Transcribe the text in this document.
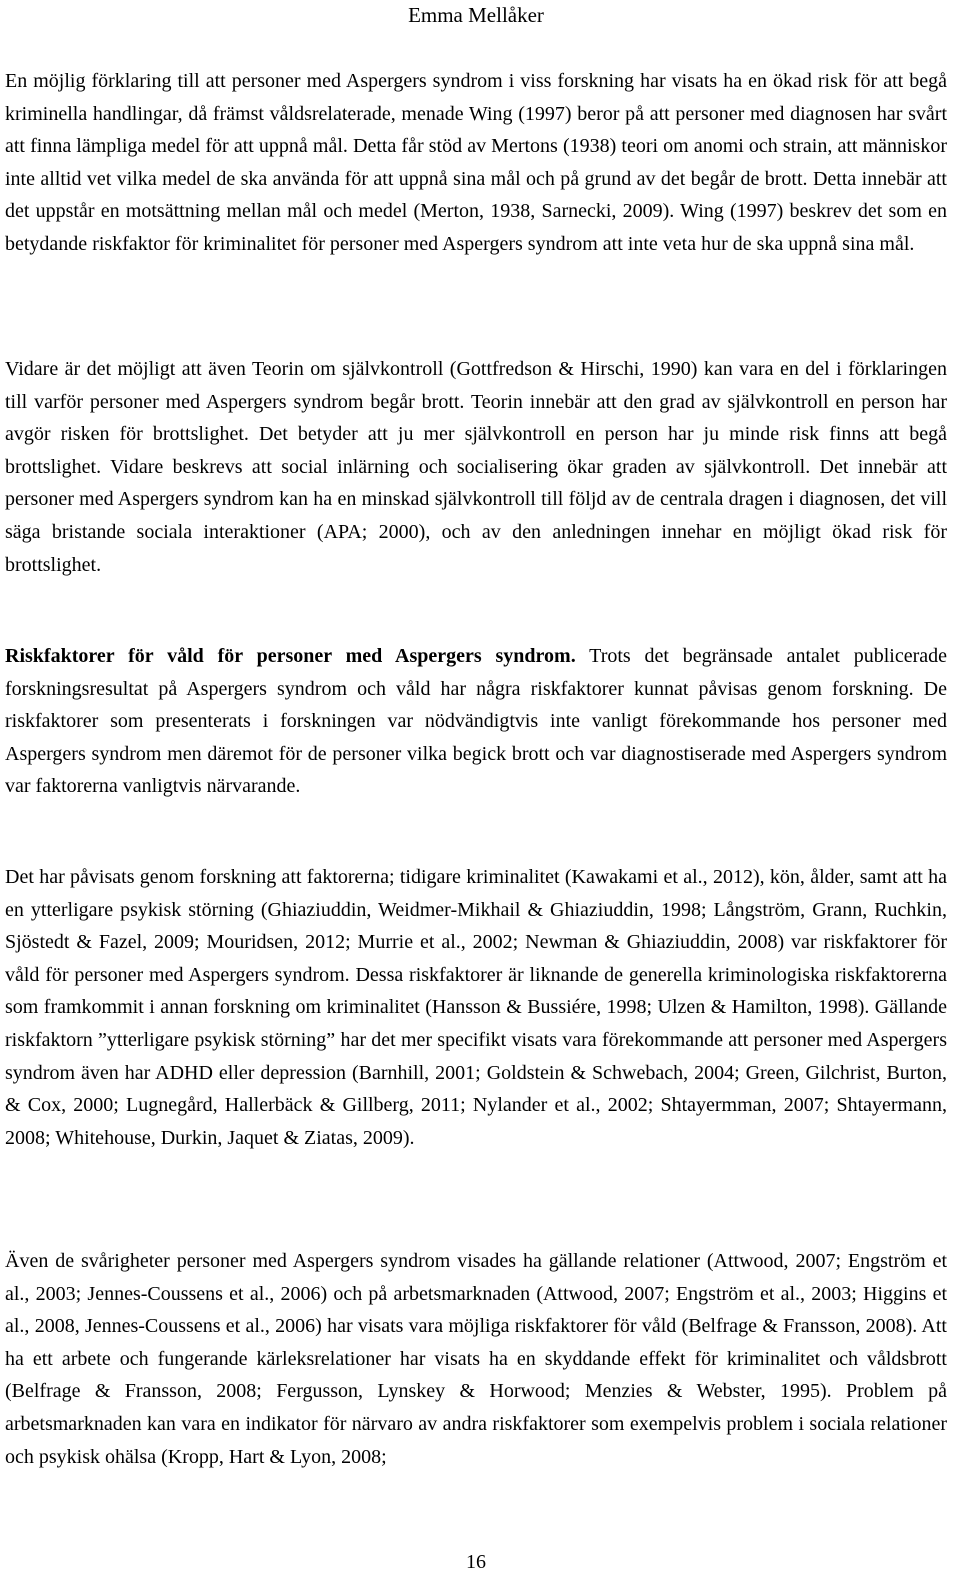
Emma Mellåker

En möjlig förklaring till att personer med Aspergers syndrom i viss forskning har visats ha en ökad risk för att begå kriminella handlingar, då främst våldsrelaterade, menade Wing (1997) beror på att personer med diagnosen har svårt att finna lämpliga medel för att uppnå mål. Detta får stöd av Mertons (1938) teori om anomi och strain, att människor inte alltid vet vilka medel de ska använda för att uppnå sina mål och på grund av det begår de brott. Detta innebär att det uppstår en motsättning mellan mål och medel (Merton, 1938, Sarnecki, 2009). Wing (1997) beskrev det som en betydande riskfaktor för kriminalitet för personer med Aspergers syndrom att inte veta hur de ska uppnå sina mål.

Vidare är det möjligt att även Teorin om självkontroll (Gottfredson & Hirschi, 1990) kan vara en del i förklaringen till varför personer med Aspergers syndrom begår brott. Teorin innebär att den grad av självkontroll en person har avgör risken för brottslighet. Det betyder att ju mer självkontroll en person har ju minde risk finns att begå brottslighet. Vidare beskrevs att social inlärning och socialisering ökar graden av självkontroll. Det innebär att personer med Aspergers syndrom kan ha en minskad självkontroll till följd av de centrala dragen i diagnosen, det vill säga bristande sociala interaktioner (APA; 2000), och av den anledningen innehar en möjligt ökad risk för brottslighet.

Riskfaktorer för våld för personer med Aspergers syndrom. Trots det begränsade antalet publicerade forskningsresultat på Aspergers syndrom och våld har några riskfaktorer kunnat påvisas genom forskning. De riskfaktorer som presenterats i forskningen var nödvändigtvis inte vanligt förekommande hos personer med Aspergers syndrom men däremot för de personer vilka begick brott och var diagnostiserade med Aspergers syndrom var faktorerna vanligtvis närvarande.

Det har påvisats genom forskning att faktorerna; tidigare kriminalitet (Kawakami et al., 2012), kön, ålder, samt att ha en ytterligare psykisk störning (Ghiaziuddin, Weidmer-Mikhail & Ghiaziuddin, 1998; Långström, Grann, Ruchkin, Sjöstedt & Fazel, 2009; Mouridsen, 2012; Murrie et al., 2002; Newman & Ghiaziuddin, 2008) var riskfaktorer för våld för personer med Aspergers syndrom. Dessa riskfaktorer är liknande de generella kriminologiska riskfaktorerna som framkommit i annan forskning om kriminalitet (Hansson & Bussiére, 1998; Ulzen & Hamilton, 1998). Gällande riskfaktorn ”ytterligare psykisk störning” har det mer specifikt visats vara förekommande att personer med Aspergers syndrom även har ADHD eller depression (Barnhill, 2001; Goldstein & Schwebach, 2004; Green, Gilchrist, Burton, & Cox, 2000; Lugnegård, Hallerbäck & Gillberg, 2011; Nylander et al., 2002; Shtayermman, 2007; Shtayermann, 2008; Whitehouse, Durkin, Jaquet & Ziatas, 2009).

Även de svårigheter personer med Aspergers syndrom visades ha gällande relationer (Attwood, 2007; Engström et al., 2003; Jennes-Coussens et al., 2006) och på arbetsmarknaden (Attwood, 2007; Engström et al., 2003; Higgins et al., 2008, Jennes-Coussens et al., 2006) har visats vara möjliga riskfaktorer för våld (Belfrage & Fransson, 2008). Att ha ett arbete och fungerande kärleksrelationer har visats ha en skyddande effekt för kriminalitet och våldsbrott (Belfrage & Fransson, 2008; Fergusson, Lynskey & Horwood; Menzies & Webster, 1995). Problem på arbetsmarknaden kan vara en indikator för närvaro av andra riskfaktorer som exempelvis problem i sociala relationer och psykisk ohälsa (Kropp, Hart & Lyon, 2008;

16
